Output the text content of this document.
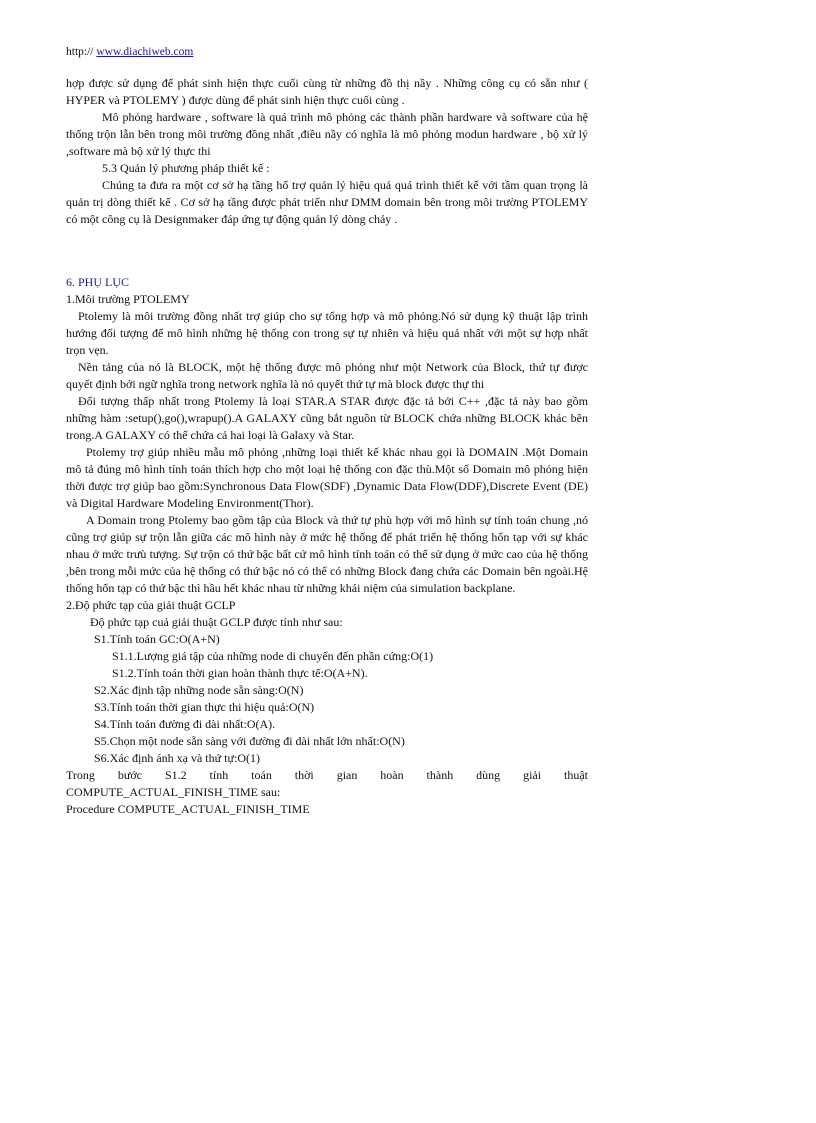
http:// www.diachiweb.com

hợp được sử dụng để phát sinh hiện thực cuối cùng từ những đồ thị nầy . Những công cụ có sẵn như ( HYPER và PTOLEMY ) được dùng để phát sinh hiện thực cuối cùng .

Mô phỏng hardware , software là quá trình mô phỏng các thành phần hardware và software của hệ thống trộn lẫn bên trong môi trường đồng nhất ,điều nầy có nghĩa là mô phỏng modun hardware , bộ xử lý ,software mà bộ xử lý thực thi

5.3 Quản lý phương pháp thiết kế :

Chúng ta đưa ra một cơ sở hạ tầng hổ trợ quản lý hiệu quả quá trình thiết kế với tầm quan trọng là quản trị dòng thiết kế . Cơ sở hạ tầng được phát triển như DMM domain bên trong môi trường PTOLEMY có một công cụ là Designmaker đáp ứng tự động quản lý dòng chảy .

6. PHỤ LỤC

1.Môi trường PTOLEMY

Ptolemy là môi trường đồng nhất trợ giúp cho sự tổng hợp và mô phỏng.Nó sử dụng kỹ thuật lập trình hướng đối tượng để mô hình những hệ thống con trong sự tự nhiên và hiệu quả nhất với một sự hợp nhất trọn vẹn.

Nền tảng của nó là BLOCK, một hệ thống được mô phỏng như một Network của Block, thứ tự được quyết định bởi ngữ nghĩa trong network nghĩa là nó quyết thứ tự mà block được thự thi

Đối tượng thấp nhất trong Ptolemy là loại STAR.A STAR được đặc tả bởi C++ ,đặc tả này bao gồm những hàm :setup(),go(),wrapup().A GALAXY cũng bắt nguồn từ BLOCK chứa những BLOCK khác bên trong.A GALAXY có thể chứa cả hai loại là Galaxy và Star.

Ptolemy trợ giúp nhiều mẫu mô phỏng ,những loại thiết kế khác nhau gọi là DOMAIN .Một Domain mô tả đúng mô hình tính toán thích hợp cho một loại hệ thống con đặc thù.Một số Domain mô phỏng hiện thời được trợ giúp bao gồm:Synchronous Data Flow(SDF) ,Dynamic Data Flow(DDF),Discrete Event (DE) và Digital Hardware Modeling Environment(Thor).

A Domain trong Ptolemy bao gồm tập của Block và thứ tự phù hợp với mô hình sự tính toán chung ,nó cũng trợ giúp sự trộn lẫn giữa các mô hình này ở mức hệ thống để phát triển hệ thống hổn tạp với sự khác nhau ở mức trưù tượng. Sự trộn có thứ bậc bất cứ mô hình tính toán có thể sử dụng ở mức cao của hệ thống ,bên trong mỗi mức của hệ thống có thứ bậc nó có thể có những Block đang chứa các Domain bên ngoài.Hệ thống hổn tạp có thứ bậc thì hầu hết khác nhau từ những khái niệm của simulation backplane.

2.Độ phức tạp của giải thuật GCLP

Độ phức tạp cuả giải thuật GCLP được tính như sau:

S1.Tính toán GC:O(A+N)

S1.1.Lượng giá tập của những node di chuyển đến phần cứng:O(1)

S1.2.Tính toán thời gian hoàn thành thực tế:O(A+N).

S2.Xác định tập những node sẵn sàng:O(N)

S3.Tính toán thời gian thực thi hiệu quả:O(N)

S4.Tính toán đường đi dài nhất:O(A).

S5.Chọn một node sẵn sàng với đường đi dài nhất lớn nhất:O(N)

S6.Xác định ánh xạ và thứ tự:O(1)

Trong bước S1.2 tính toán thời gian hoàn thành dùng giải thuật

COMPUTE_ACTUAL_FINISH_TIME sau:

Procedure COMPUTE_ACTUAL_FINISH_TIME
